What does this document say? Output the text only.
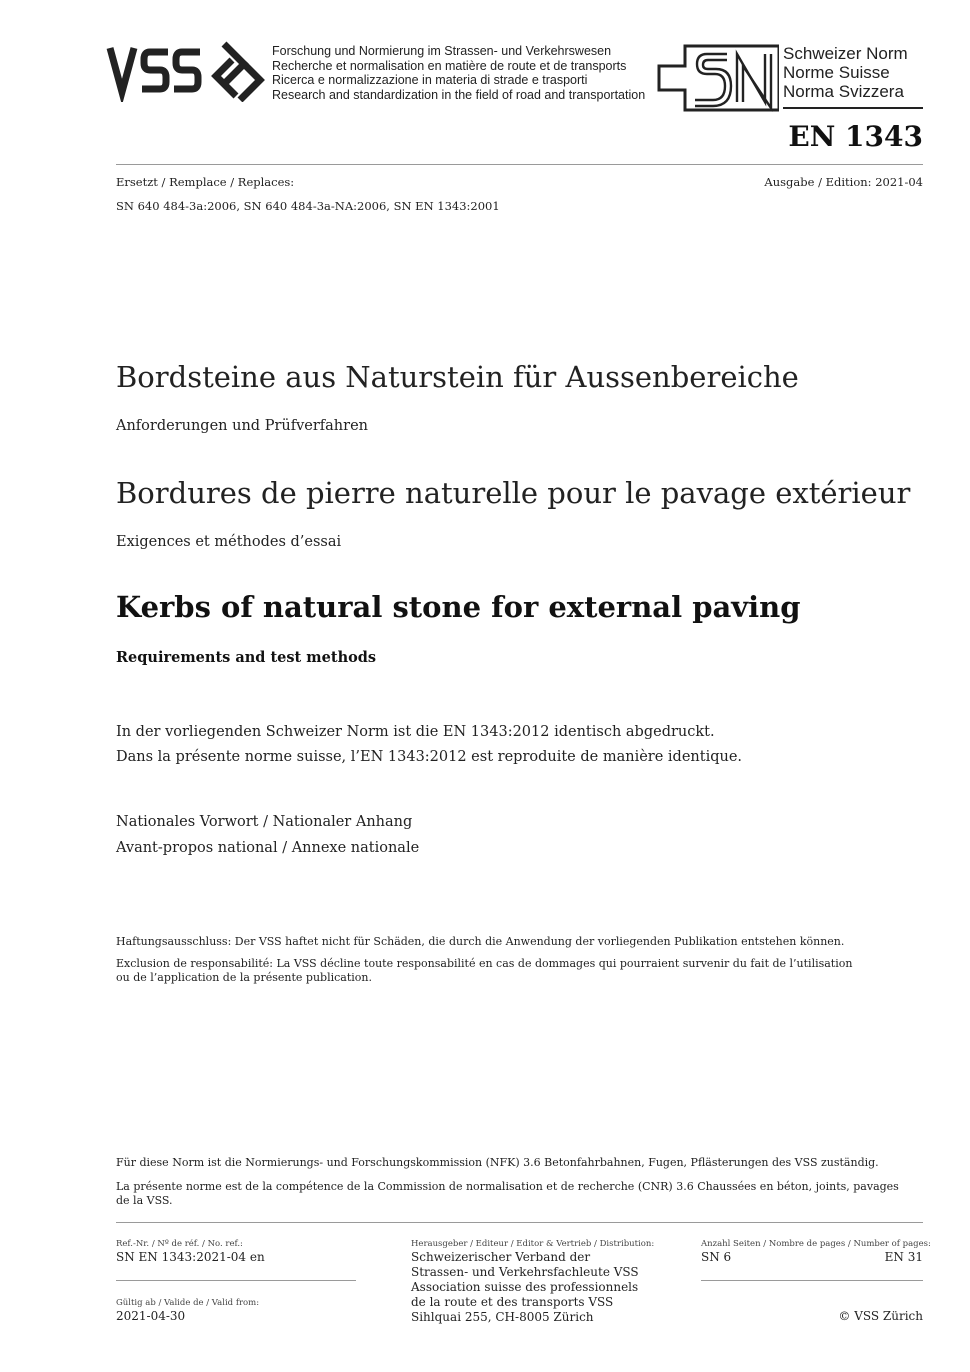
Forschung und Normierung im Strassen- und Verkehrswesen
Recherche et normalisation en matière de route et de transports
Ricerca e normalizzazione in materia di strade e trasporti
Research and standardization in the field of road and transportation
Schweizer Norm
Norme Suisse
Norma Svizzera
EN 1343
Ersetzt / Remplace / Replaces:	Ausgabe / Edition: 2021-04
SN 640 484-3a:2006, SN 640 484-3a-NA:2006, SN EN 1343:2001
Bordsteine aus Naturstein für Aussenbereiche
Anforderungen und Prüfverfahren
Bordures de pierre naturelle pour le pavage extérieur
Exigences et méthodes d’essai
Kerbs of natural stone for external paving
Requirements and test methods
In der vorliegenden Schweizer Norm ist die EN 1343:2012 identisch abgedruckt.
Dans la présente norme suisse, l’EN 1343:2012 est reproduite de manière identique.
Nationales Vorwort / Nationaler Anhang
Avant-propos national / Annexe nationale
Haftungsausschluss: Der VSS haftet nicht für Schäden, die durch die Anwendung der vorliegenden Publikation entstehen können.
Exclusion de responsabilité: La VSS décline toute responsabilité en cas de dommages qui pourraient survenir du fait de l’utilisation
ou de l’application de la présente publication.
Für diese Norm ist die Normierungs- und Forschungskommission (NFK) 3.6 Betonfahrbahnen, Fugen, Pflästerungen des VSS zuständig.
La présente norme est de la compétence de la Commission de normalisation et de recherche (CNR) 3.6 Chaussées en béton, joints, pavages
de la VSS.
Ref.-Nr. / Nº de réf. / No. ref.:
SN EN 1343:2021-04 en
Gültig ab / Valide de / Valid from:
2021-04-30
Herausgeber / Editeur / Editor & Vertrieb / Distribution:
Schweizerischer Verband der
Strassen- und Verkehrsfachleute VSS
Association suisse des professionnels
de la route et des transports VSS
Sihlquai 255, CH-8005 Zürich
Anzahl Seiten / Nombre de pages / Number of pages:
SN 6	EN 31
© VSS Zürich
